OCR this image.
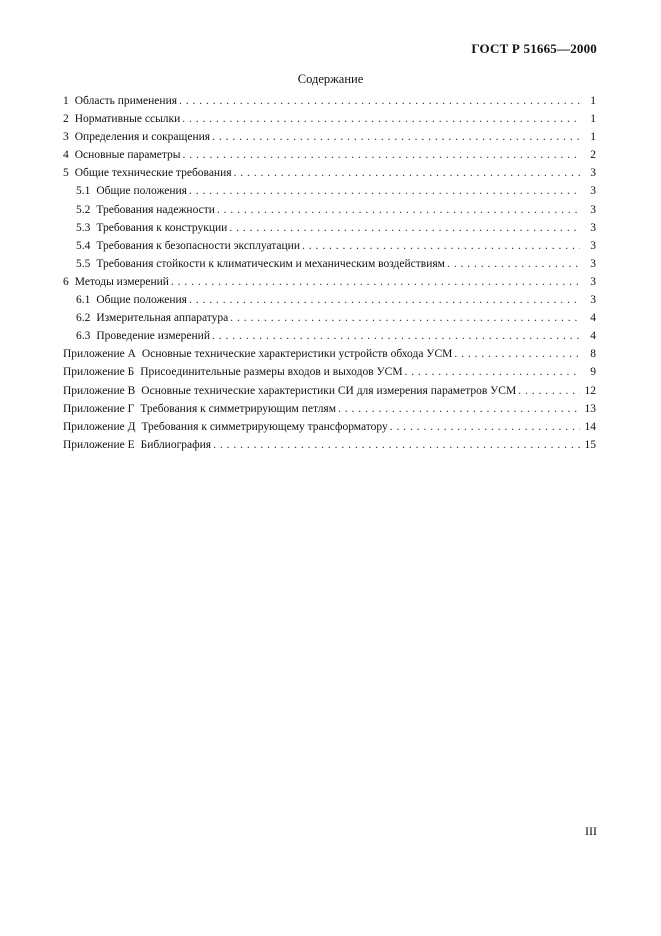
ГОСТ Р 51665—2000
Содержание
1 Область применения . . .	1
2 Нормативные ссылки . . .	1
3 Определения и сокращения . . .	1
4 Основные параметры . . .	2
5 Общие технические требования . . .	3
5.1 Общие положения . . .	3
5.2 Требования надежности . . .	3
5.3 Требования к конструкции . . .	3
5.4 Требования к безопасности эксплуатации . . .	3
5.5 Требования стойкости к климатическим и механическим воздействиям . . .	3
6 Методы измерений . . .	3
6.1 Общие положения . . .	3
6.2 Измерительная аппаратура . . .	4
6.3 Проведение измерений . . .	4
Приложение А Основные технические характеристики устройств обхода УСМ . . .	8
Приложение Б Присоединительные размеры входов и выходов УСМ . . .	9
Приложение В Основные технические характеристики СИ для измерения параметров УСМ . . .	12
Приложение Г Требования к симметрирующим петлям . . .	13
Приложение Д Требования к симметрирующему трансформатору . . .	14
Приложение Е Библиография . . .	15
III
